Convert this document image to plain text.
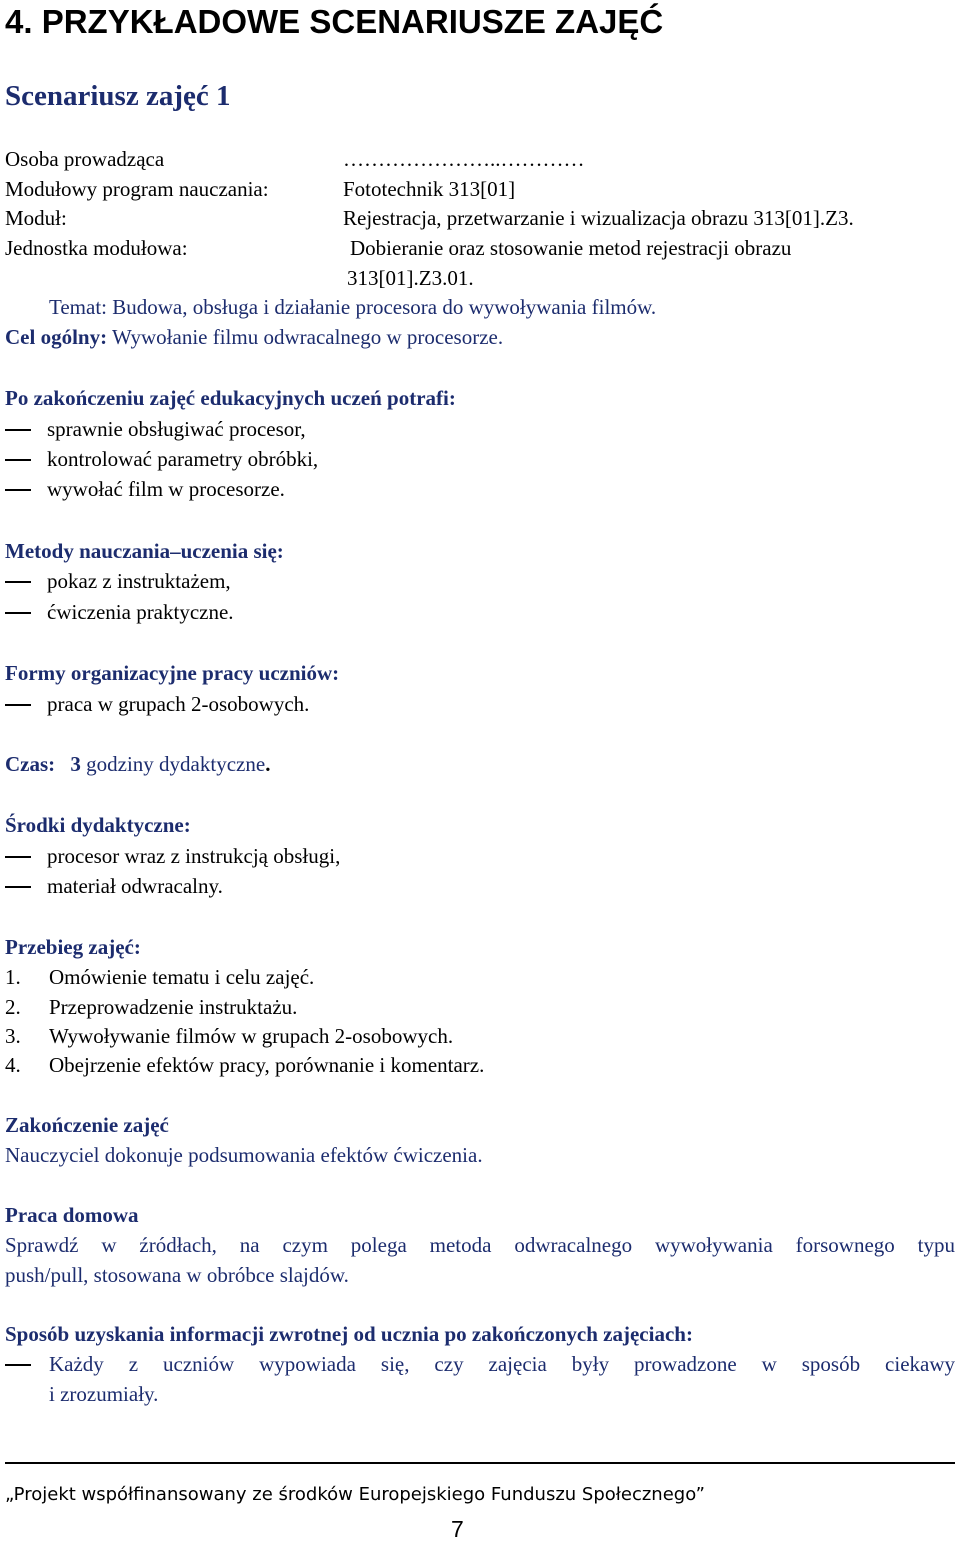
4. PRZYKŁADOWE SCENARIUSZE ZAJĘĆ
Scenariusz zajęć 1
Osoba prowadząca	…………………..…………
Modułowy program nauczania:	Fototechnik 313[01]
Moduł:	Rejestracja, przetwarzanie i wizualizacja obrazu 313[01].Z3.
Jednostka modułowa:	Dobieranie oraz stosowanie metod rejestracji obrazu
313[01].Z3.01.
Temat: Budowa, obsługa i działanie procesora do wywoływania filmów.
Cel ogólny: Wywołanie filmu odwracalnego w procesorze.
Po zakończeniu zajęć edukacyjnych uczeń potrafi:
sprawnie obsługiwać procesor,
kontrolować parametry obróbki,
wywołać film w procesorze.
Metody nauczania–uczenia się:
pokaz z instruktażem,
ćwiczenia praktyczne.
Formy organizacyjne pracy uczniów:
praca w grupach 2-osobowych.
Czas: 3 godziny dydaktyczne.
Środki dydaktyczne:
procesor wraz z instrukcją obsługi,
materiał odwracalny.
Przebieg zajęć:
1. Omówienie tematu i celu zajęć.
2. Przeprowadzenie instruktażu.
3. Wywoływanie filmów w grupach 2-osobowych.
4. Obejrzenie efektów pracy, porównanie i komentarz.
Zakończenie zajęć
Nauczyciel dokonuje podsumowania efektów ćwiczenia.
Praca domowa
Sprawdź w źródłach, na czym polega metoda odwracalnego wywoływania forsownego typu
push/pull, stosowana w obróbce slajdów.
Sposób uzyskania informacji zwrotnej od ucznia po zakończonych zajęciach:
Każdy z uczniów wypowiada się, czy zajęcia były prowadzone w sposób ciekawy
i zrozumiały.
„Projekt współfinansowany ze środków Europejskiego Funduszu Społecznego”
7
